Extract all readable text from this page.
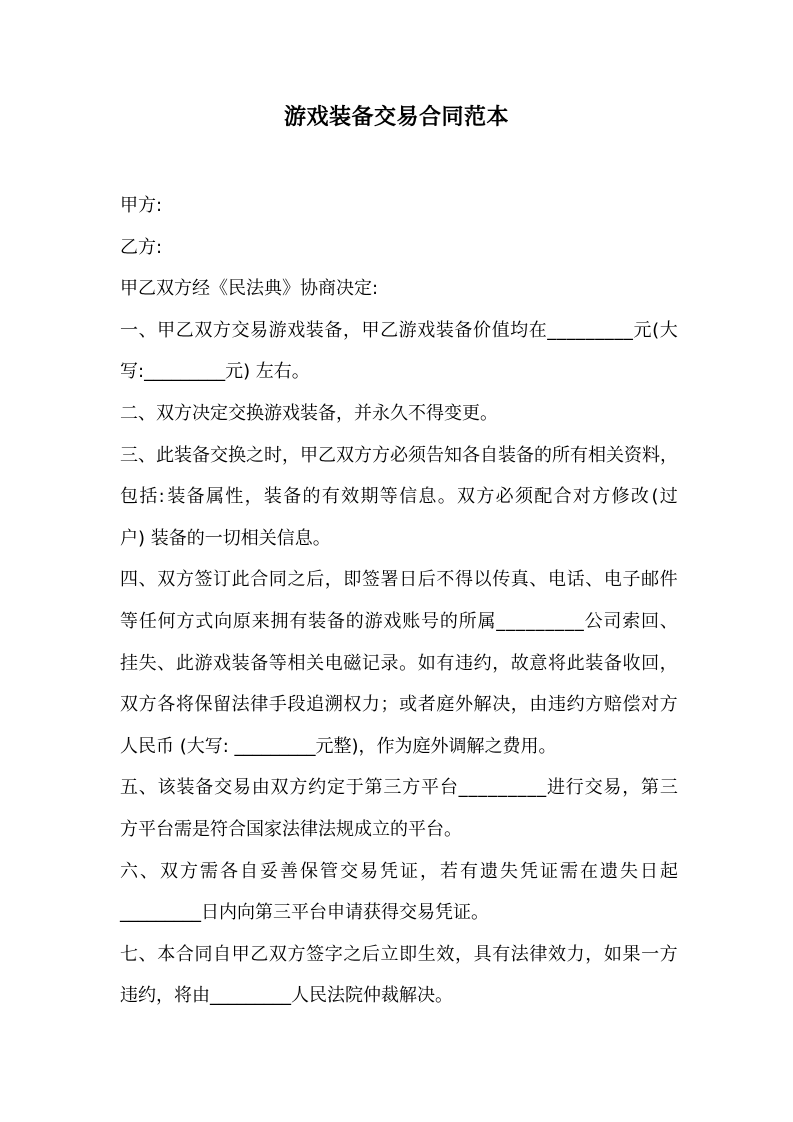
游戏装备交易合同范本
甲方:
乙方:
甲乙双方经《民法典》协商决定:
一 、 甲 乙 双 方 交 易 游 戏 装 备 ， 甲 乙 游 戏 装 备 价 值 均 在 _ _ _ _ _ _ _ _ _ 元 ( 大
写:_________元) 左右。
二、双方决定交换游戏装备，并永久不得变更。
三 、 此 装 备 交 换 之 时 ， 甲 乙 双 方 方 必 须 告 知 各 自 装 备 的 所 有 相 关 资 料 ，
包 括 : 装 备 属 性 ， 装 备 的 有 效 期 等 信 息 。 双 方 必 须 配 合 对 方 修 改 ( 过
户) 装备的一切相关信息。
四 、 双 方 签 订 此 合 同 之 后 ， 即 签 署 日 后 不 得 以 传 真 、 电 话 、 电 子 邮 件
等 任 何 方 式 向 原 来 拥 有 装 备 的 游 戏 账 号 的 所 属 _ _ _ _ _ _ _ _ _ 公 司 索 回 、
挂 失 、 此 游 戏 装 备 等 相 关 电 磁 记 录 。 如 有 违 约 ， 故 意 将 此 装 备 收 回 ，
双 方 各 将 保 留 法 律 手 段 追 溯 权 力 ； 或 者 庭 外 解 决 ， 由 违 约 方 赔 偿 对 方
人民币 (大写: _________元整)，作为庭外调解之费用。
五 、 该 装 备 交 易 由 双 方 约 定 于 第 三 方 平 台 _ _ _ _ _ _ _ _ _ 进 行 交 易 ， 第 三
方平台需是符合国家法律法规成立的平台。
六 、 双 方 需 各 自 妥 善 保 管 交 易 凭 证 ， 若 有 遗 失 凭 证 需 在 遗 失 日 起
_________日内向第三平台申请获得交易凭证。
七 、 本 合 同 自 甲 乙 双 方 签 字 之 后 立 即 生 效 ， 具 有 法 律 效 力 ， 如 果 一 方
违约，将由_________人民法院仲裁解决。
